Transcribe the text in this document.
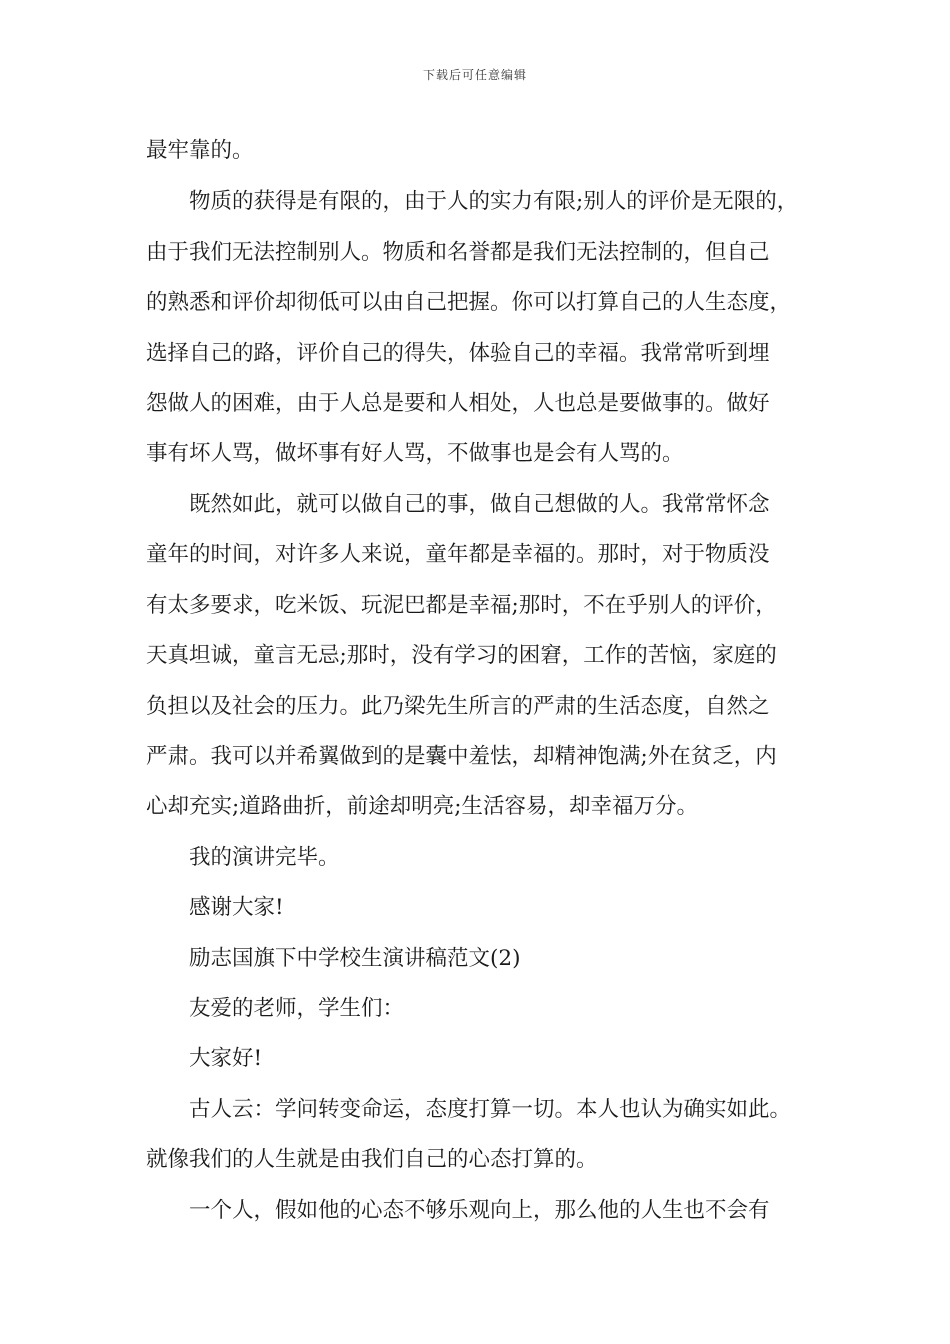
下载后可任意编辑
最牢靠的。
物质的获得是有限的，由于人的实力有限;别人的评价是无限的，
由于我们无法控制别人。物质和名誉都是我们无法控制的，但自己
的熟悉和评价却彻低可以由自己把握。你可以打算自己的人生态度，
选择自己的路，评价自己的得失，体验自己的幸福。我常常听到埋
怨做人的困难，由于人总是要和人相处，人也总是要做事的。做好
事有坏人骂，做坏事有好人骂，不做事也是会有人骂的。
既然如此，就可以做自己的事，做自己想做的人。我常常怀念
童年的时间，对许多人来说，童年都是幸福的。那时，对于物质没
有太多要求，吃米饭、玩泥巴都是幸福;那时，不在乎别人的评价，
天真坦诚，童言无忌;那时，没有学习的困窘，工作的苦恼，家庭的
负担以及社会的压力。此乃梁先生所言的严肃的生活态度，自然之
严肃。我可以并希翼做到的是囊中羞怯，却精神饱满;外在贫乏，内
心却充实;道路曲折，前途却明亮;生活容易，却幸福万分。
我的演讲完毕。
感谢大家!
励志国旗下中学校生演讲稿范文(2)
友爱的老师，学生们：
大家好!
古人云：学问转变命运，态度打算一切。本人也认为确实如此。
就像我们的人生就是由我们自己的心态打算的。
一个人，假如他的心态不够乐观向上，那么他的人生也不会有
